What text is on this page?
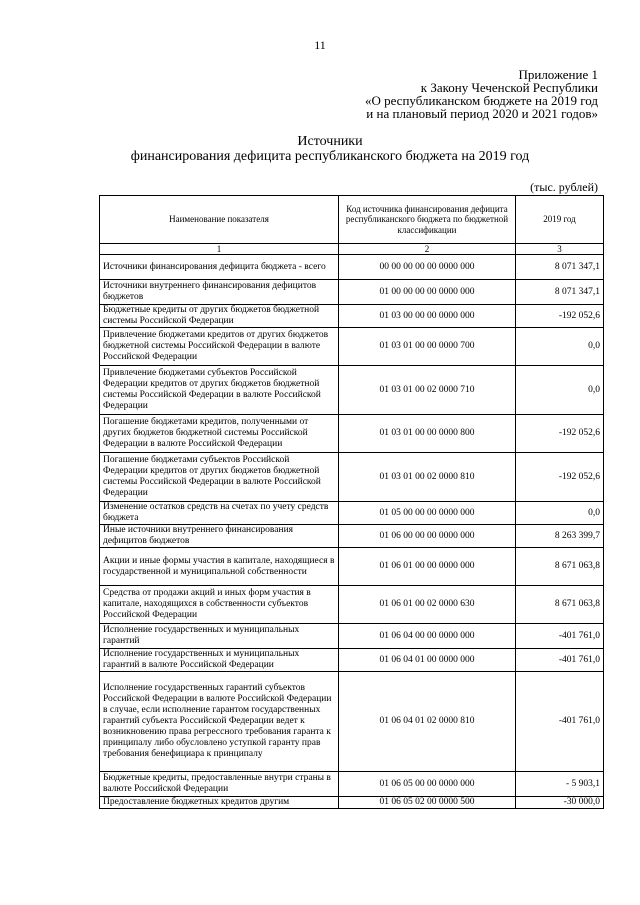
11
Приложение 1
к Закону Чеченской Республики
«О республиканском бюджете на 2019 год
и на плановый период 2020 и 2021 годов»
Источники
финансирования дефицита республиканского бюджета на 2019 год
(тыс. рублей)
Наименование показателя	Код источника финансирования дефицита республиканского бюджета по бюджетной классификации	2019 год
1	2	3
Источники финансирования дефицита бюджета - всего	00 00 00 00 00 0000 000	8 071 347,1
Источники внутреннего финансирования дефицитов бюджетов	01 00 00 00 00 0000 000	8 071 347,1
Бюджетные кредиты от других бюджетов бюджетной системы Российской Федерации	01 03 00 00 00 0000 000	-192 052,6
Привлечение бюджетами кредитов от других бюджетов бюджетной системы Российской Федерации в валюте Российской Федерации	01 03 01 00 00 0000 700	0,0
Привлечение бюджетами субъектов Российской Федерации кредитов от других бюджетов бюджетной системы Российской Федерации в валюте Российской Федерации	01 03 01 00 02 0000 710	0,0
Погашение бюджетами кредитов, полученными от других бюджетов бюджетной системы Российской Федерации в валюте Российской Федерации	01 03 01 00 00 0000 800	-192 052,6
Погашение бюджетами субъектов Российской Федерации кредитов от других бюджетов бюджетной системы Российской Федерации в валюте Российской Федерации	01 03 01 00 02 0000 810	-192 052,6
Изменение остатков средств на счетах по учету средств бюджета	01 05 00 00 00 0000 000	0,0
Иные источники внутреннего финансирования дефицитов бюджетов	01 06 00 00 00 0000 000	8 263 399,7
Акции и иные формы участия в капитале, находящиеся в государственной и муниципальной собственности	01 06 01 00 00 0000 000	8 671 063,8
Средства от продажи акций и иных форм участия в капитале, находящихся в собственности субъектов Российской Федерации	01 06 01 00 02 0000 630	8 671 063,8
Исполнение государственных и муниципальных гарантий	01 06 04 00 00 0000 000	-401 761,0
Исполнение государственных и муниципальных гарантий в валюте Российской Федерации	01 06 04 01 00 0000 000	-401 761,0
Исполнение государственных гарантий субъектов Российской Федерации в валюте Российской Федерации в случае, если исполнение гарантом государственных гарантий субъекта Российской Федерации ведет к возникновению права регрессного требования гаранта к принципалу либо обусловлено уступкой гаранту прав требования бенефициара к принципалу	01 06 04 01 02 0000 810	-401 761,0
Бюджетные кредиты, предоставленные внутри страны в валюте Российской Федерации	01 06 05 00 00 0000 000	- 5 903,1
Предоставление бюджетных кредитов другим	01 06 05 02 00 0000 500	-30 000,0
